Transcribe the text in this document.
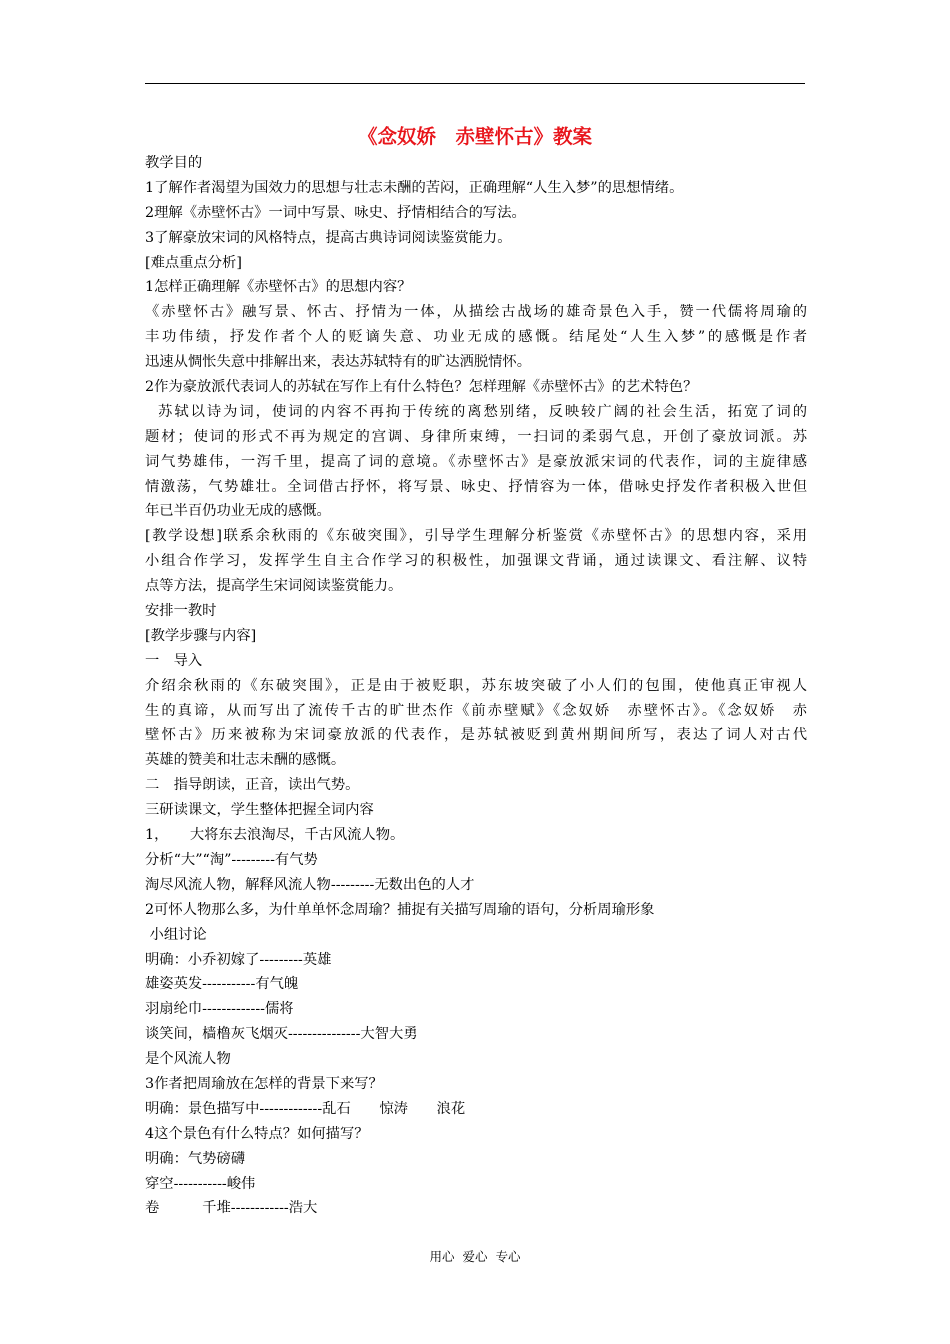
《念奴娇　赤壁怀古》教案
教学目的
1了解作者渴望为国效力的思想与壮志未酬的苦闷，正确理解“人生入梦”的思想情绪。
2理解《赤壁怀古》一词中写景、咏史、抒情相结合的写法。
3了解豪放宋词的风格特点，提高古典诗词阅读鉴赏能力。
[难点重点分析]
1怎样正确理解《赤壁怀古》的思想内容？
《赤壁怀古》融写景、怀古、抒情为一体，从描绘古战场的雄奇景色入手，赞一代儒将周瑜的
丰功伟绩，抒发作者个人的贬谪失意、功业无成的感慨。结尾处“人生入梦”的感慨是作者
迅速从惆怅失意中排解出来，表达苏轼特有的旷达洒脱情怀。
2作为豪放派代表词人的苏轼在写作上有什么特色？怎样理解《赤壁怀古》的艺术特色？
苏轼以诗为词，使词的内容不再拘于传统的离愁别绪，反映较广阔的社会生活，拓宽了词的
题材；使词的形式不再为规定的宫调、身律所束缚，一扫词的柔弱气息，开创了豪放词派。苏
词气势雄伟，一泻千里，提高了词的意境。《赤壁怀古》是豪放派宋词的代表作，词的主旋律感
情激荡，气势雄壮。全词借古抒怀，将写景、咏史、抒情容为一体，借咏史抒发作者积极入世但
年已半百仍功业无成的感慨。
[教学设想]联系余秋雨的《东破突围》，引导学生理解分析鉴赏《赤壁怀古》的思想内容，采用
小组合作学习，发挥学生自主合作学习的积极性，加强课文背诵，通过读课文、看注解、议特
点等方法，提高学生宋词阅读鉴赏能力。
安排一教时
[教学步骤与内容]
一　导入
介绍余秋雨的《东破突围》，正是由于被贬职，苏东坡突破了小人们的包围，使他真正审视人
生的真谛，从而写出了流传千古的旷世杰作《前赤壁赋》《念奴娇　赤壁怀古》。《念奴娇　赤
壁怀古》历来被称为宋词豪放派的代表作，是苏轼被贬到黄州期间所写，表达了词人对古代
英雄的赞美和壮志未酬的感慨。
二　指导朗读，正音，读出气势。
三研读课文，学生整体把握全词内容
1，　　大将东去浪淘尽，千古风流人物。
分析“大”“淘”---------有气势
淘尽风流人物，解释风流人物---------无数出色的人才
2可怀人物那么多，为什单单怀念周瑜？捕捉有关描写周瑜的语句，分析周瑜形象
小组讨论
明确：小乔初嫁了---------英雄
雄姿英发-----------有气魄
羽扇纶巾-------------儒将
谈笑间，樯橹灰飞烟灭---------------大智大勇
是个风流人物
3作者把周瑜放在怎样的背景下来写？
明确：景色描写中-------------乱石　　惊涛　　浪花
4这个景色有什么特点？如何描写？
明确：气势磅礴
穿空-----------峻伟
卷　　　千堆------------浩大
用心  爱心  专心
